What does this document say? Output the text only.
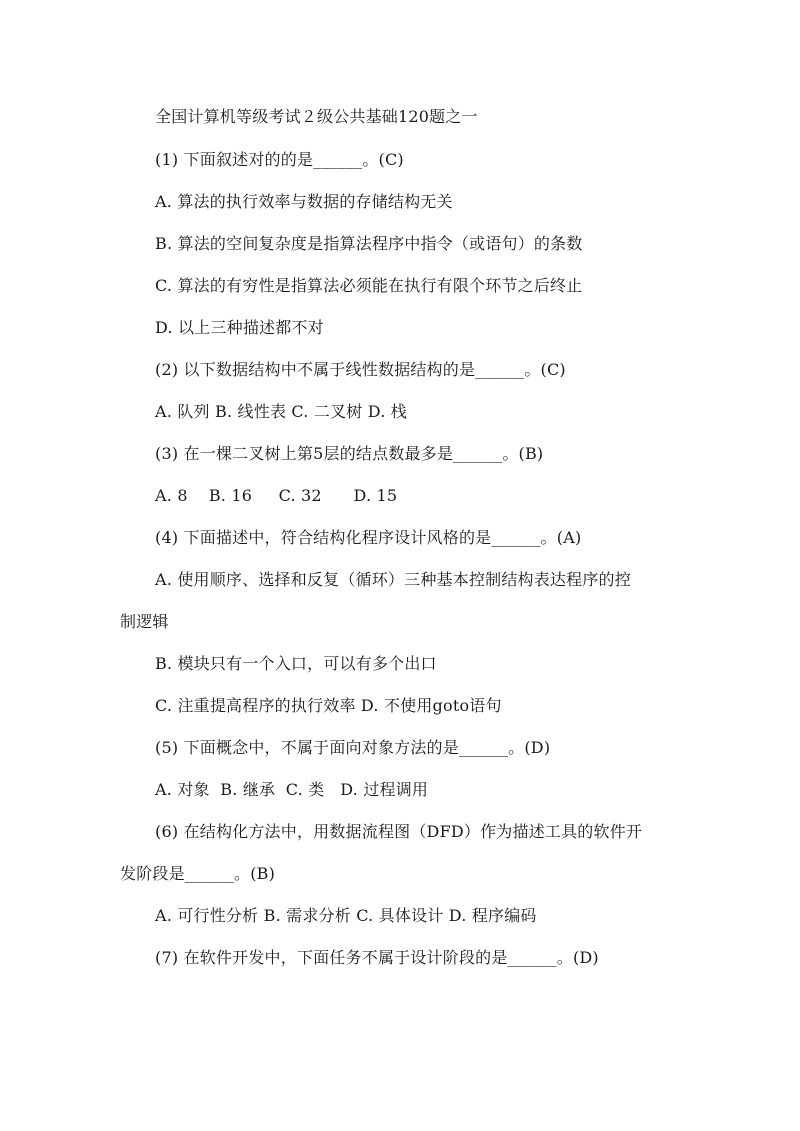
全国计算机等级考试２级公共基础120题之一
(1) 下面叙述对的的是______。(C)
A. 算法的执行效率与数据的存储结构无关
B. 算法的空间复杂度是指算法程序中指令（或语句）的条数
C. 算法的有穷性是指算法必须能在执行有限个环节之后终止
D. 以上三种描述都不对
(2) 以下数据结构中不属于线性数据结构的是______。(C)
A. 队列 B. 线性表 C. 二叉树 D. 栈
(3) 在一棵二叉树上第5层的结点数最多是______。(B)
A. 8    B. 16     C. 32      D. 15
(4) 下面描述中，符合结构化程序设计风格的是______。(A)
A. 使用顺序、选择和反复（循环）三种基本控制结构表达程序的控
制逻辑
B. 模块只有一个入口，可以有多个出口
C. 注重提高程序的执行效率 D. 不使用goto语句
(5) 下面概念中，不属于面向对象方法的是______。(D)
A. 对象  B. 继承  C. 类   D. 过程调用
(6) 在结构化方法中，用数据流程图（DFD）作为描述工具的软件开
发阶段是______。(B)
A. 可行性分析 B. 需求分析 C. 具体设计 D. 程序编码
(7) 在软件开发中，下面任务不属于设计阶段的是______。(D)
